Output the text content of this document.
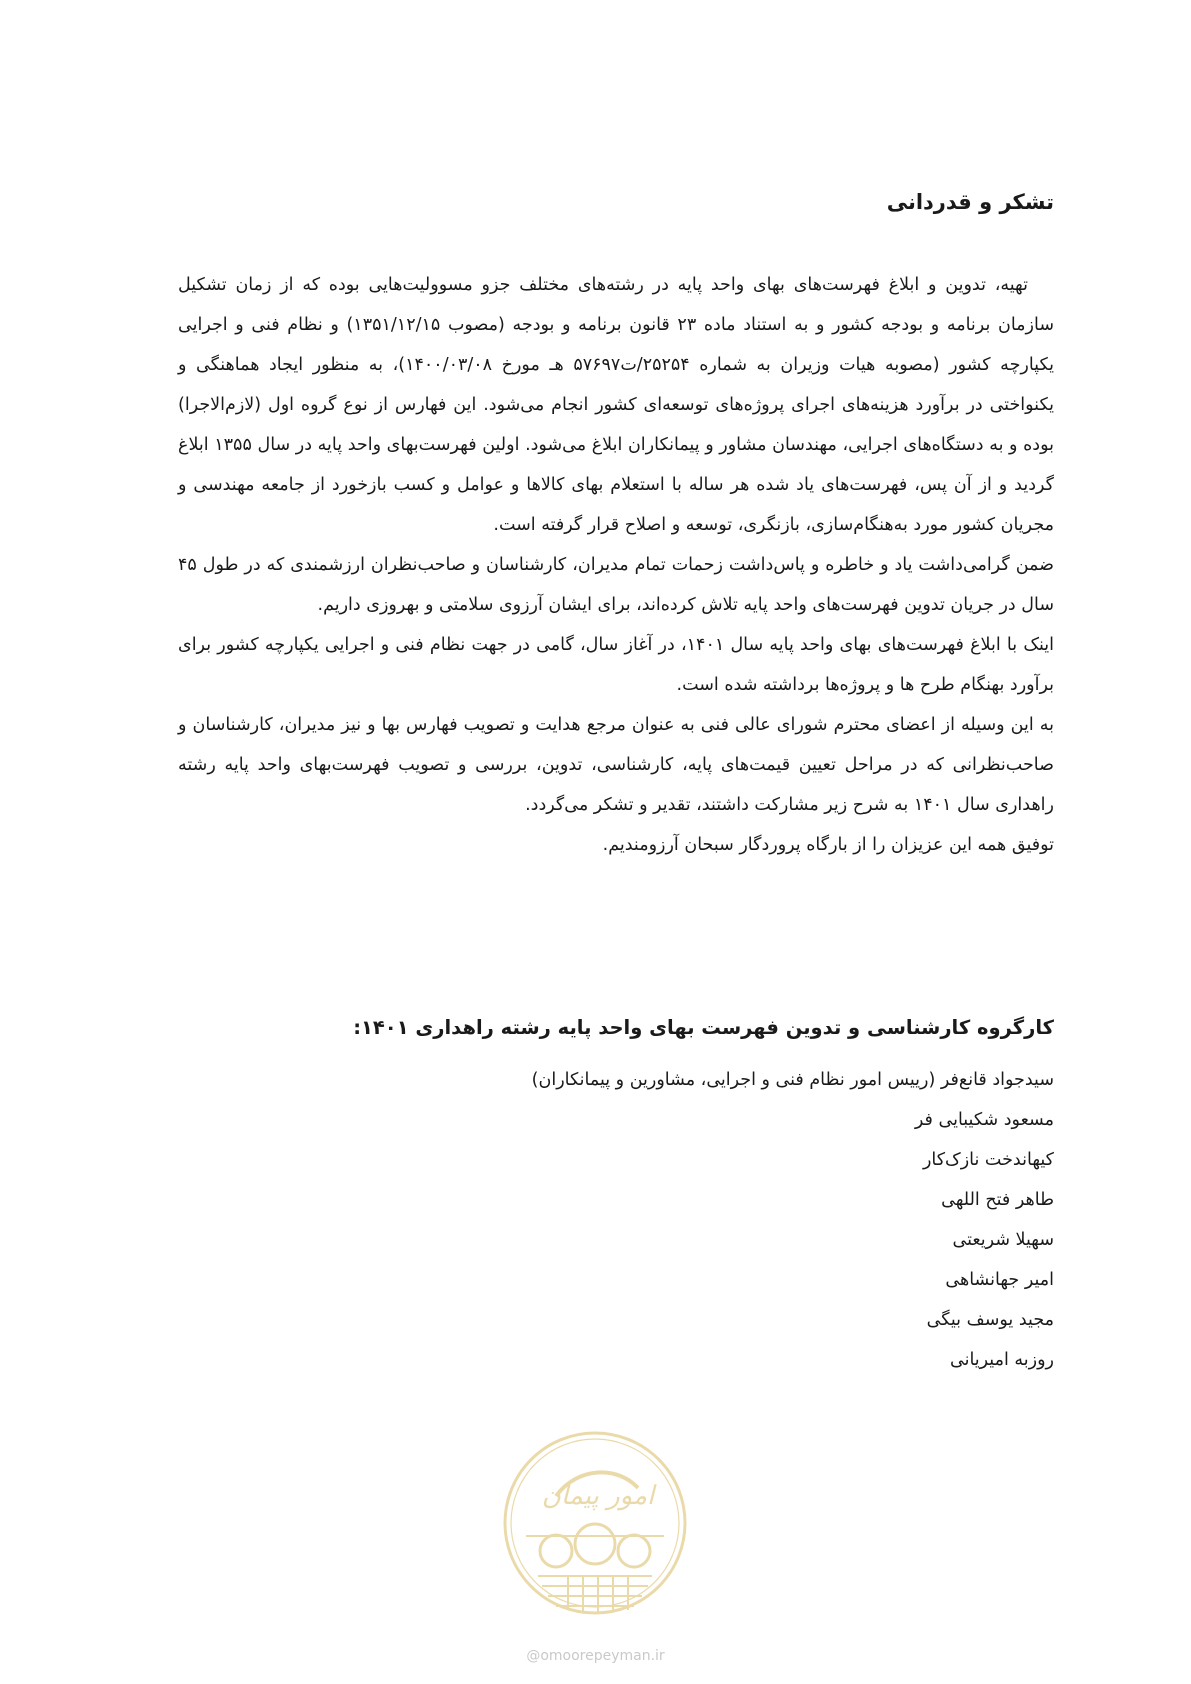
تشکر و قدردانی

تهیه، تدوین و ابلاغ فهرست‌های بهای واحد پایه در رشته‌های مختلف جزو مسوولیت‌هایی بوده که از زمان تشکیل سازمان برنامه و بودجه کشور و به استناد ماده ۲۳ قانون برنامه و بودجه (مصوب ۱۳۵۱/۱۲/۱۵) و نظام فنی و اجرایی یکپارچه کشور (مصوبه هیات وزیران به شماره ۲۵۲۵۴/ت۵۷۶۹۷ هـ مورخ ۱۴۰۰/۰۳/۰۸)، به منظور ایجاد هماهنگی و یکنواختی در برآورد هزینه‌های اجرای پروژه‌های توسعه‌ای کشور انجام می‌شود. این فهارس از نوع گروه اول (لازم‌الاجرا) بوده و به دستگاه‌های اجرایی، مهندسان مشاور و پیمانکاران ابلاغ می‌شود. اولین فهرست‌بهای واحد پایه در سال ۱۳۵۵ ابلاغ گردید و از آن پس، فهرست‌های یاد شده هر ساله با استعلام بهای کالاها و عوامل و کسب بازخورد از جامعه مهندسی و مجریان کشور مورد به‌هنگام‌سازی، بازنگری، توسعه و اصلاح قرار گرفته است.

ضمن گرامی‌داشت یاد و خاطره و پاس‌داشت زحمات تمام مدیران، کارشناسان و صاحب‌نظران ارزشمندی که در طول ۴۵ سال در جریان تدوین فهرست‌های واحد پایه تلاش کرده‌اند، برای ایشان آرزوی سلامتی و بهروزی داریم.

اینک با ابلاغ فهرست‌های بهای واحد پایه سال ۱۴۰۱، در آغاز سال، گامی در جهت نظام فنی و اجرایی یکپارچه کشور برای برآورد بهنگام طرح ها و پروژه‌ها برداشته شده است.

به این وسیله از اعضای محترم شورای عالی فنی به عنوان مرجع هدایت و تصویب فهارس بها و نیز مدیران، کارشناسان و صاحب‌نظرانی که در مراحل تعیین قیمت‌های پایه، کارشناسی، تدوین، بررسی و تصویب فهرست‌بهای واحد پایه رشته راهداری سال ۱۴۰۱ به شرح زیر مشارکت داشتند، تقدیر و تشکر می‌گردد.

توفیق همه این عزیزان را از بارگاه پروردگار سبحان آرزومندیم.

کارگروه کارشناسی و تدوین فهرست بهای واحد پایه رشته راهداری ۱۴۰۱:
سیدجواد قانع‌فر (رییس امور نظام فنی و اجرایی، مشاورین و پیمانکاران)
مسعود شکیبایی فر
کیهاندخت نازک‌کار
طاهر فتح اللهی
سهیلا شریعتی
امیر جهانشاهی
مجید یوسف بیگی
روزبه امیریانی
امور پیمان
@omoorepeyman.ir
